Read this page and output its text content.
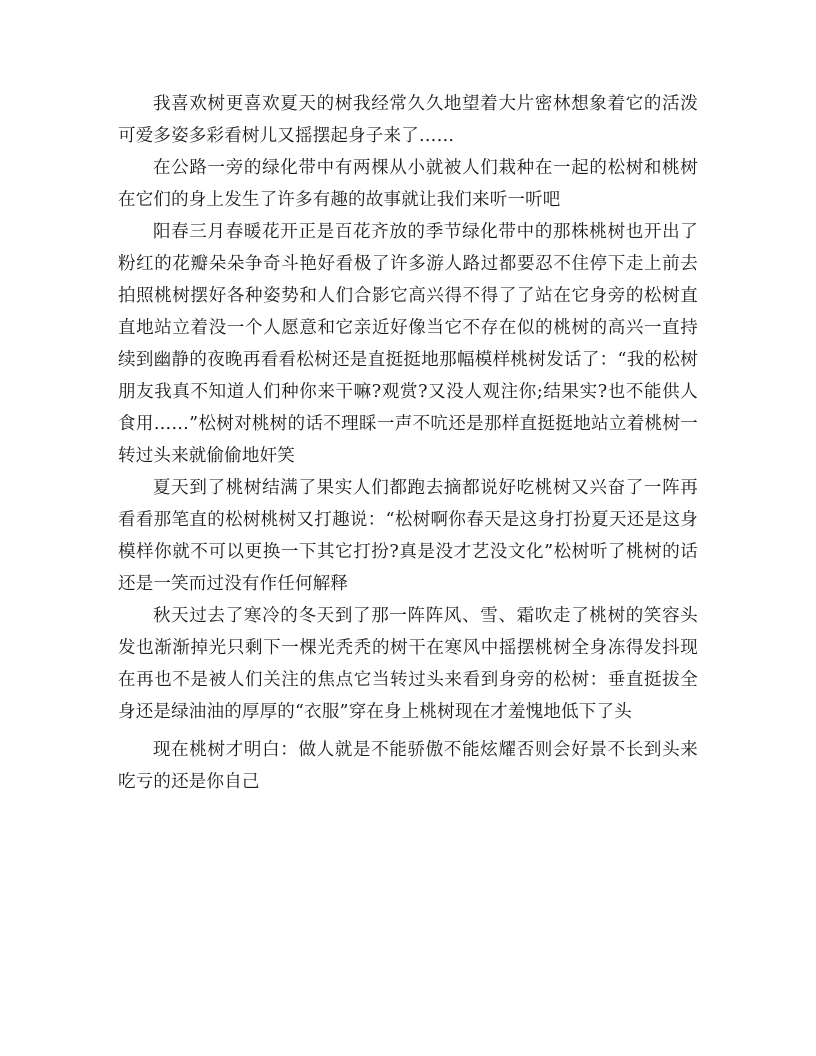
我喜欢树更喜欢夏天的树我经常久久地望着大片密林想象着它的活泼可爱多姿多彩看树儿又摇摆起身子来了……

在公路一旁的绿化带中有两棵从小就被人们栽种在一起的松树和桃树在它们的身上发生了许多有趣的故事就让我们来听一听吧

阳春三月春暖花开正是百花齐放的季节绿化带中的那株桃树也开出了粉红的花瓣朵朵争奇斗艳好看极了许多游人路过都要忍不住停下走上前去拍照桃树摆好各种姿势和人们合影它高兴得不得了了站在它身旁的松树直直地站立着没一个人愿意和它亲近好像当它不存在似的桃树的高兴一直持续到幽静的夜晚再看看松树还是直挺挺地那幅模样桃树发话了：“我的松树朋友我真不知道人们种你来干嘛?观赏?又没人观注你;结果实?也不能供人食用……”松树对桃树的话不理睬一声不吭还是那样直挺挺地站立着桃树一转过头来就偷偷地奸笑

夏天到了桃树结满了果实人们都跑去摘都说好吃桃树又兴奋了一阵再看看那笔直的松树桃树又打趣说：“松树啊你春天是这身打扮夏天还是这身模样你就不可以更换一下其它打扮?真是没才艺没文化”松树听了桃树的话还是一笑而过没有作任何解释

秋天过去了寒冷的冬天到了那一阵阵风、雪、霜吹走了桃树的笑容头发也渐渐掉光只剩下一棵光秃秃的树干在寒风中摇摆桃树全身冻得发抖现在再也不是被人们关注的焦点它当转过头来看到身旁的松树：垂直挺拔全身还是绿油油的厚厚的“衣服”穿在身上桃树现在才羞愧地低下了头

现在桃树才明白：做人就是不能骄傲不能炫耀否则会好景不长到头来吃亏的还是你自己
